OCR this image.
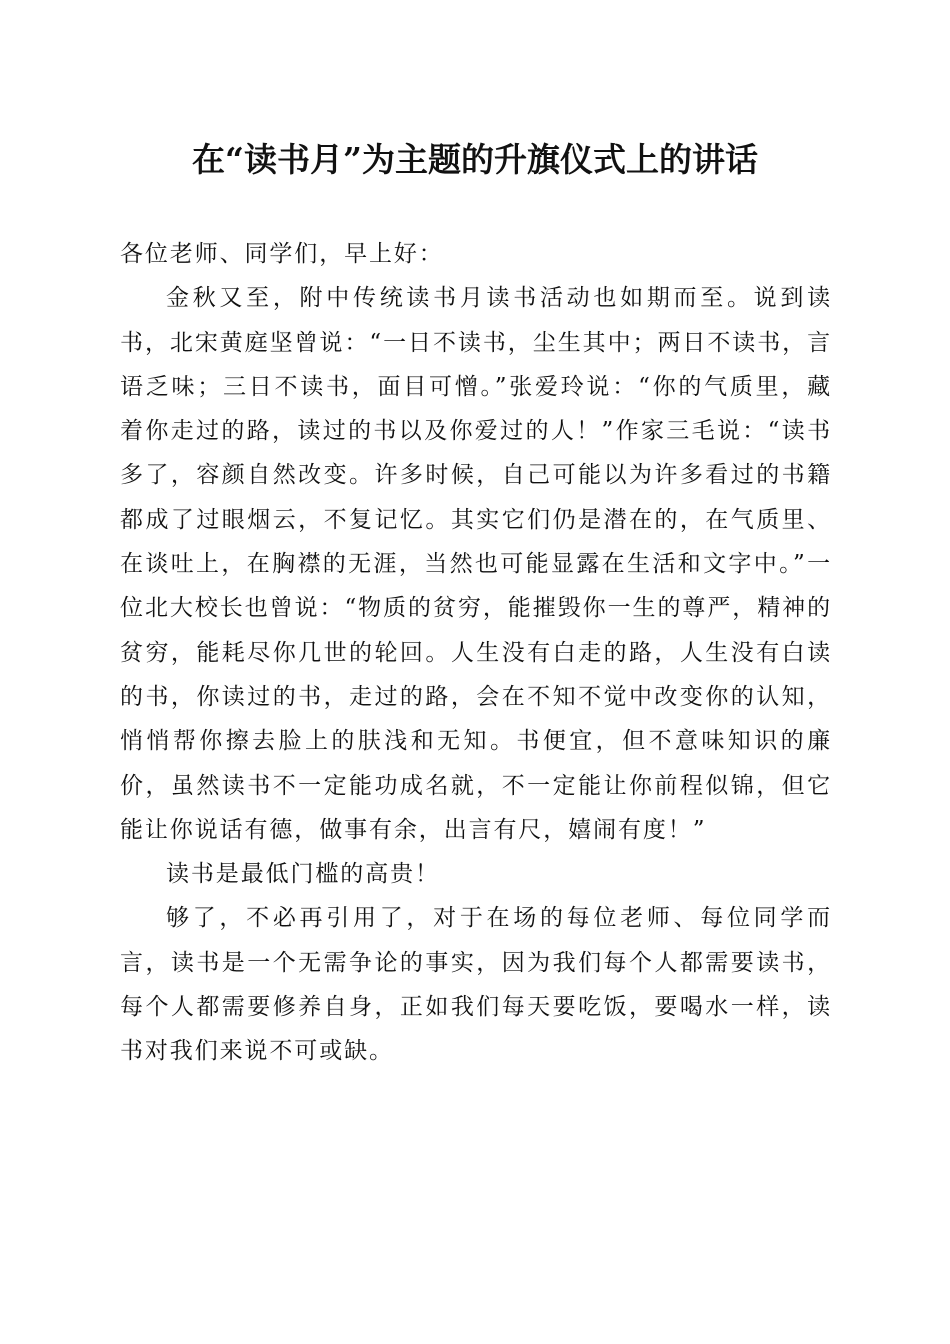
在“读书月”为主题的升旗仪式上的讲话

各位老师、同学们，早上好：

金秋又至，附中传统读书月读书活动也如期而至。说到读书，北宋黄庭坚曾说：“一日不读书，尘生其中；两日不读书，言语乏味；三日不读书，面目可憎。”张爱玲说：“你的气质里，藏着你走过的路，读过的书以及你爱过的人！”作家三毛说：“读书多了，容颜自然改变。许多时候，自己可能以为许多看过的书籍都成了过眼烟云，不复记忆。其实它们仍是潜在的，在气质里、在谈吐上，在胸襟的无涯，当然也可能显露在生活和文字中。”一位北大校长也曾说：“物质的贫穷，能摧毁你一生的尊严，精神的贫穷，能耗尽你几世的轮回。人生没有白走的路，人生没有白读的书，你读过的书，走过的路，会在不知不觉中改变你的认知，悄悄帮你擦去脸上的肤浅和无知。书便宜，但不意味知识的廉价，虽然读书不一定能功成名就，不一定能让你前程似锦，但它能让你说话有德，做事有余，出言有尺，嬉闹有度！”

读书是最低门槛的高贵！

够了，不必再引用了，对于在场的每位老师、每位同学而言，读书是一个无需争论的事实，因为我们每个人都需要读书，每个人都需要修养自身，正如我们每天要吃饭，要喝水一样，读书对我们来说不可或缺。
